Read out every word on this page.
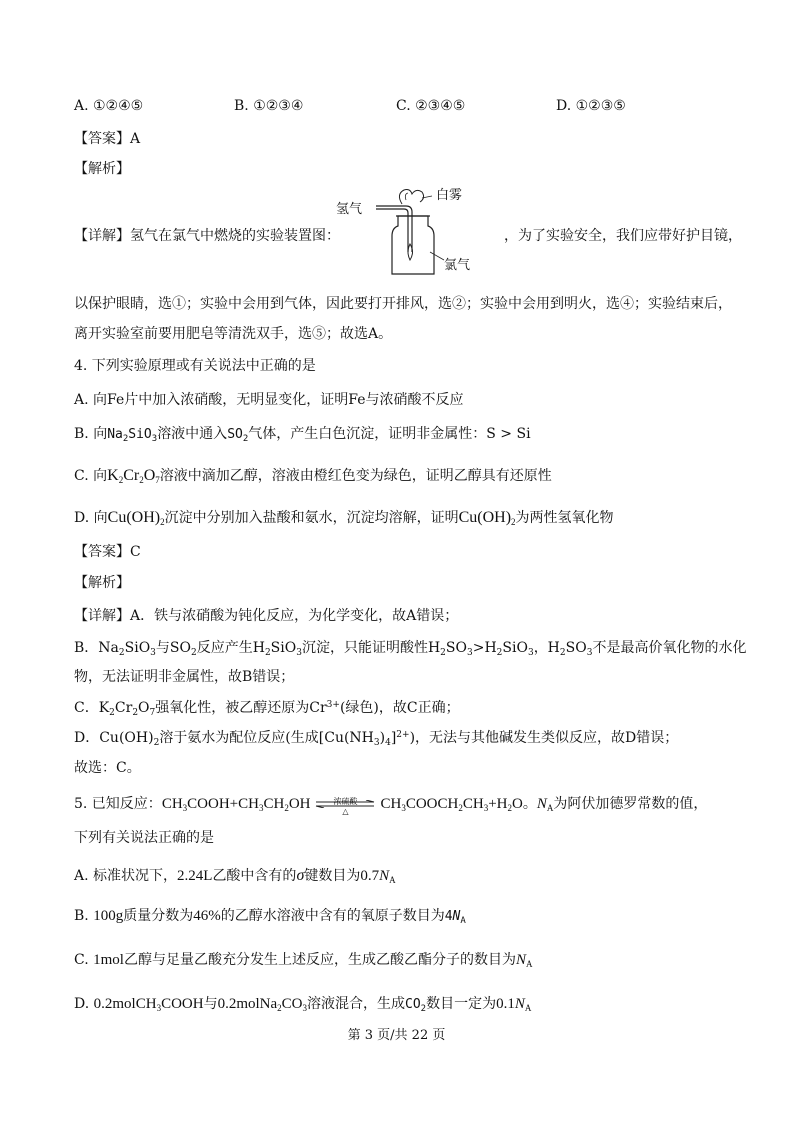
A. ①②④⑤	B. ①②③④	C. ②③④⑤	D. ①②③⑤
【答案】A
【解析】
【详解】氢气在氯气中燃烧的实验装置图：
氢气
白雾
氯气
，为了实验安全，我们应带好护目镜，
以保护眼睛，选①；实验中会用到气体，因此要打开排风，选②；实验中会用到明火，选④；实验结束后，
离开实验室前要用肥皂等清洗双手，选⑤；故选A。
4. 下列实验原理或有关说法中正确的是
A. 向Fe片中加入浓硝酸，无明显变化，证明Fe与浓硝酸不反应
B. 向$Na_2SiO_3$溶液中通入$SO_2$气体，产生白色沉淀，证明非金属性：S > Si
C. 向$K_2Cr_2O_7$溶液中滴加乙醇，溶液由橙红色变为绿色，证明乙醇具有还原性
D. 向$Cu(OH)_2$沉淀中分别加入盐酸和氨水，沉淀均溶解，证明$Cu(OH)_2$为两性氢氧化物
【答案】C
【解析】
【详解】A．铁与浓硝酸为钝化反应，为化学变化，故A错误；
B．$Na_2SiO_3$与$SO_2$反应产生$H_2SiO_3$沉淀，只能证明酸性$H_2SO_3>H_2SiO_3$，$H_2SO_3$不是最高价氧化物的水化
物，无法证明非金属性，故B错误；
C．$K_2Cr_2O_7$强氧化性，被乙醇还原为$Cr^{3+}$(绿色)，故C正确；
D．$Cu(OH)_2$溶于氨水为配位反应(生成$[Cu(NH_3)_4]^{2+}$)，无法与其他碱发生类似反应，故D错误；
故选：C。
5. 已知反应：$CH_3COOH+CH_3CH_2OH$	浓硫酸
△	$CH_3COOCH_2CH_3+H_2O$。$N_A$为阿伏加德罗常数的值，
下列有关说法正确的是
A. 标准状况下，2.24L乙酸中含有的σ键数目为$0.7N_A$
B. 100g质量分数为46%的乙醇水溶液中含有的氧原子数目为$4N_A$
C. 1mol乙醇与足量乙酸充分发生上述反应，生成乙酸乙酯分子的数目为$N_A$
D. 0.2molCH$_3$COOH与$0.2molNa_2CO_3$溶液混合，生成$CO_2$数目一定为$0.1N_A$
第 3 页/共 22 页
